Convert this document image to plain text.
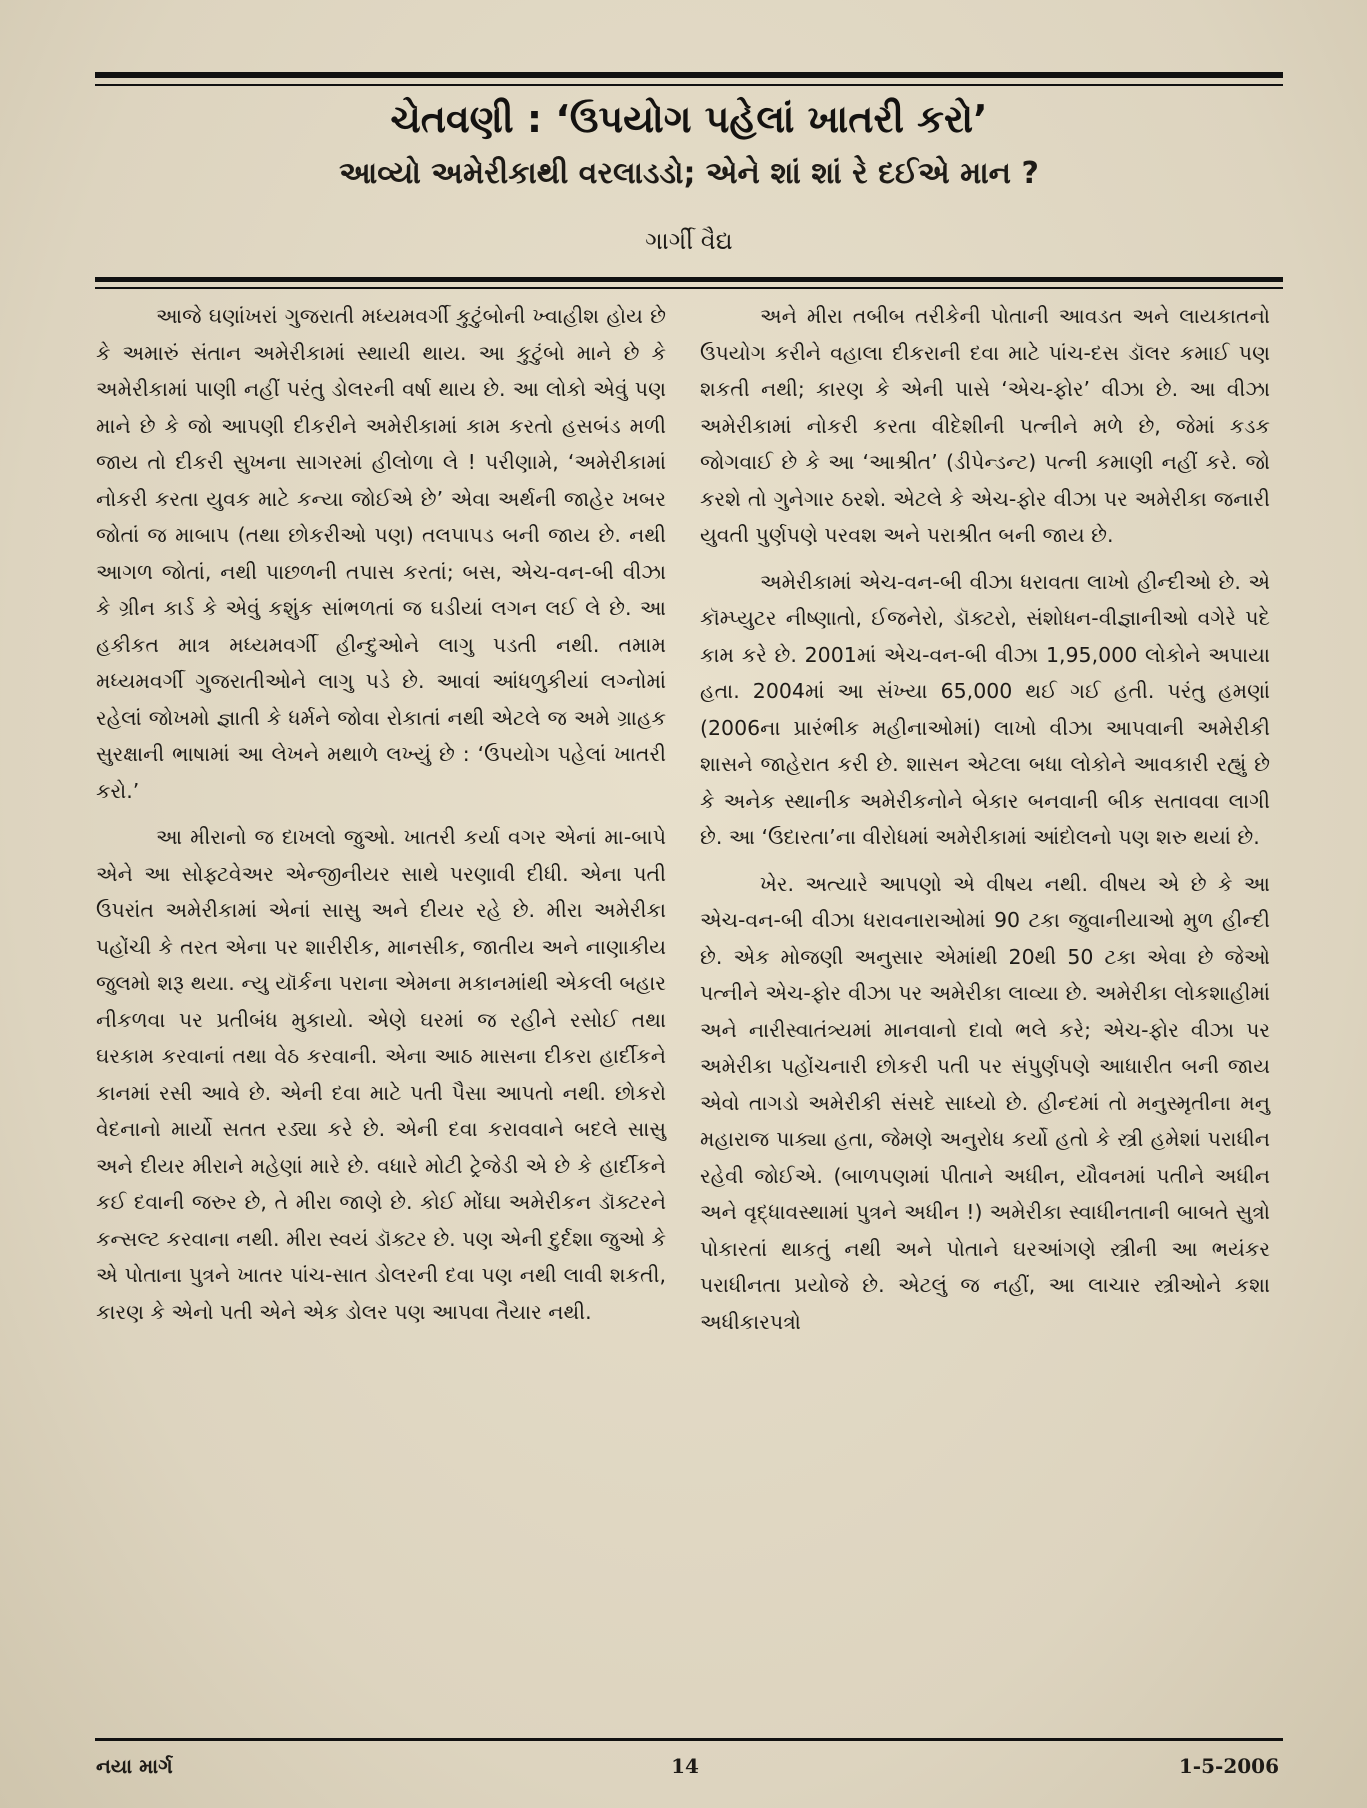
ચેતવણી : ‘ઉપયોગ પહેલાં ખાતરી કરો’
આવ્યો અમેરીકાથી વરલાડડો; એને શાં શાં રે દઈએ માન ?
ગાર્ગી વૈદ્ય

આજે ઘણાંખરાં ગુજરાતી મધ્યમવર્ગી કુટુંબોની ખ્વાહીશ હોય છે કે અમારું સંતાન અમેરીકામાં સ્થાયી થાય. આ કુટુંબો માને છે કે અમેરીકામાં પાણી નહીં પરંતુ ડોલરની વર્ષા થાય છે. આ લોકો એવું પણ માને છે કે જો આપણી દીકરીને અમેરીકામાં કામ કરતો હસબંડ મળી જાય તો દીકરી સુખના સાગરમાં હીલોળા લે ! પરીણામે, ‘અમેરીકામાં નોકરી કરતા યુવક માટે કન્યા જોઈએ છે’ એવા અર્થની જાહેર ખબર જોતાં જ માબાપ (તથા છોકરીઓ પણ) તલપાપડ બની જાય છે. નથી આગળ જોતાં, નથી પાછળની તપાસ કરતાં; બસ, એચ-વન-બી વીઝા કે ગ્રીન કાર્ડ કે એવું કશુંક સાંભળતાં જ ઘડીયાં લગન લઈ લે છે. આ હકીકત માત્ર મધ્યમવર્ગી હીન્દુઓને લાગુ પડતી નથી. તમામ મધ્યમવર્ગી ગુજરાતીઓને લાગુ પડે છે. આવાં આંધળુકીયાં લગ્નોમાં રહેલાં જોખમો જ્ઞાતી કે ધર્મને જોવા રોકાતાં નથી એટલે જ અમે ગ્રાહક સુરક્ષાની ભાષામાં આ લેખને મથાળે લખ્યું છે : ‘ઉપયોગ પહેલાં ખાતરી કરો.’

આ મીરાનો જ દાખલો જુઓ. ખાતરી કર્યા વગર એનાં મા-બાપે એને આ સોફ્ટવેઅર એન્જીનીયર સાથે પરણાવી દીધી. એના પતી ઉપરાંત અમેરીકામાં એનાં સાસુ અને દીયર રહે છે. મીરા અમેરીકા પહોંચી કે તરત એના પર શારીરીક, માનસીક, જાતીય અને નાણાકીય જુલમો શરૂ થયા. ન્યુ યૉર્કના પરાના એમના મકાનમાંથી એકલી બહાર નીકળવા પર પ્રતીબંધ મુકાયો. એણે ઘરમાં જ રહીને રસોઈ તથા ઘરકામ કરવાનાં તથા વેઠ કરવાની. એના આઠ માસના દીકરા હાર્દીકને કાનમાં રસી આવે છે. એની દવા માટે પતી પૈસા આપતો નથી. છોકરો વેદનાનો માર્યો સતત રડ્યા કરે છે. એની દવા કરાવવાને બદલે સાસુ અને દીયર મીરાને મહેણાં મારે છે. વધારે મોટી ટ્રેજેડી એ છે કે હાર્દીકને કઈ દવાની જરુર છે, તે મીરા જાણે છે. કોઈ મોંઘા અમેરીકન ડૉક્ટરને કન્સલ્ટ કરવાના નથી. મીરા સ્વયં ડૉક્ટર છે. પણ એની દુર્દશા જુઓ કે એ પોતાના પુત્રને ખાતર પાંચ-સાત ડોલરની દવા પણ નથી લાવી શકતી, કારણ કે એનો પતી એને એક ડોલર પણ આપવા તૈયાર નથી.

અને મીરા તબીબ તરીકેની પોતાની આવડત અને લાયકાતનો ઉપયોગ કરીને વહાલા દીકરાની દવા માટે પાંચ-દસ ડૉલર કમાઈ પણ શકતી નથી; કારણ કે એની પાસે ‘એચ-ફોર’ વીઝા છે. આ વીઝા અમેરીકામાં નોકરી કરતા વીદેશીની પત્નીને મળે છે, જેમાં કડક જોગવાઈ છે કે આ ‘આશ્રીત’ (ડીપેન્ડન્ટ) પત્ની કમાણી નહીં કરે. જો કરશે તો ગુનેગાર ઠરશે. એટલે કે એચ-ફોર વીઝા પર અમેરીકા જનારી યુવતી પુર્ણપણે પરવશ અને પરાશ્રીત બની જાય છે.

અમેરીકામાં એચ-વન-બી વીઝા ધરાવતા લાખો હીન્દીઓ છે. એ કૉમ્પ્યુટર નીષ્ણાતો, ઈજનેરો, ડૉક્ટરો, સંશોધન-વીજ્ઞાનીઓ વગેરે પદે કામ કરે છે. 2001માં એચ-વન-બી વીઝા 1,95,000 લોકોને અપાયા હતા. 2004માં આ સંખ્યા 65,000 થઈ ગઈ હતી. પરંતુ હમણાં (2006ના પ્રારંભીક મહીનાઓમાં) લાખો વીઝા આપવાની અમેરીકી શાસને જાહેરાત કરી છે. શાસન એટલા બધા લોકોને આવકારી રહ્યું છે કે અનેક સ્થાનીક અમેરીકનોને બેકાર બનવાની બીક સતાવવા લાગી છે. આ ‘ઉદારતા’ના વીરોધમાં અમેરીકામાં આંદોલનો પણ શરુ થયાં છે.

ખેર. અત્યારે આપણો એ વીષય નથી. વીષય એ છે કે આ એચ-વન-બી વીઝા ધરાવનારાઓમાં 90 ટકા જુવાનીયાઓ મુળ હીન્દી છે. એક મોજણી અનુસાર એમાંથી 20થી 50 ટકા એવા છે જેઓ પત્નીને એચ-ફોર વીઝા પર અમેરીકા લાવ્યા છે. અમેરીકા લોકશાહીમાં અને નારીસ્વાતંત્ર્યમાં માનવાનો દાવો ભલે કરે; એચ-ફોર વીઝા પર અમેરીકા પહોંચનારી છોકરી પતી પર સંપુર્ણપણે આધારીત બની જાય એવો તાગડો અમેરીકી સંસદે સાધ્યો છે. હીન્દમાં તો મનુસ્મૃતીના મનુ મહારાજ પાક્યા હતા, જેમણે અનુરોધ કર્યો હતો કે સ્ત્રી હમેશાં પરાધીન રહેવી જોઈએ. (બાળપણમાં પીતાને અધીન, યૌવનમાં પતીને અધીન અને વૃદ્ધાવસ્થામાં પુત્રને અધીન !) અમેરીકા સ્વાધીનતાની બાબતે સુત્રો પોકારતાં થાકતું નથી અને પોતાને ઘરઆંગણે સ્ત્રીની આ ભયંકર પરાધીનતા પ્રયોજે છે. એટલું જ નહીં, આ લાચાર સ્ત્રીઓને કશા અધીકારપત્રો

નયા માર્ગ	14	1-5-2006
